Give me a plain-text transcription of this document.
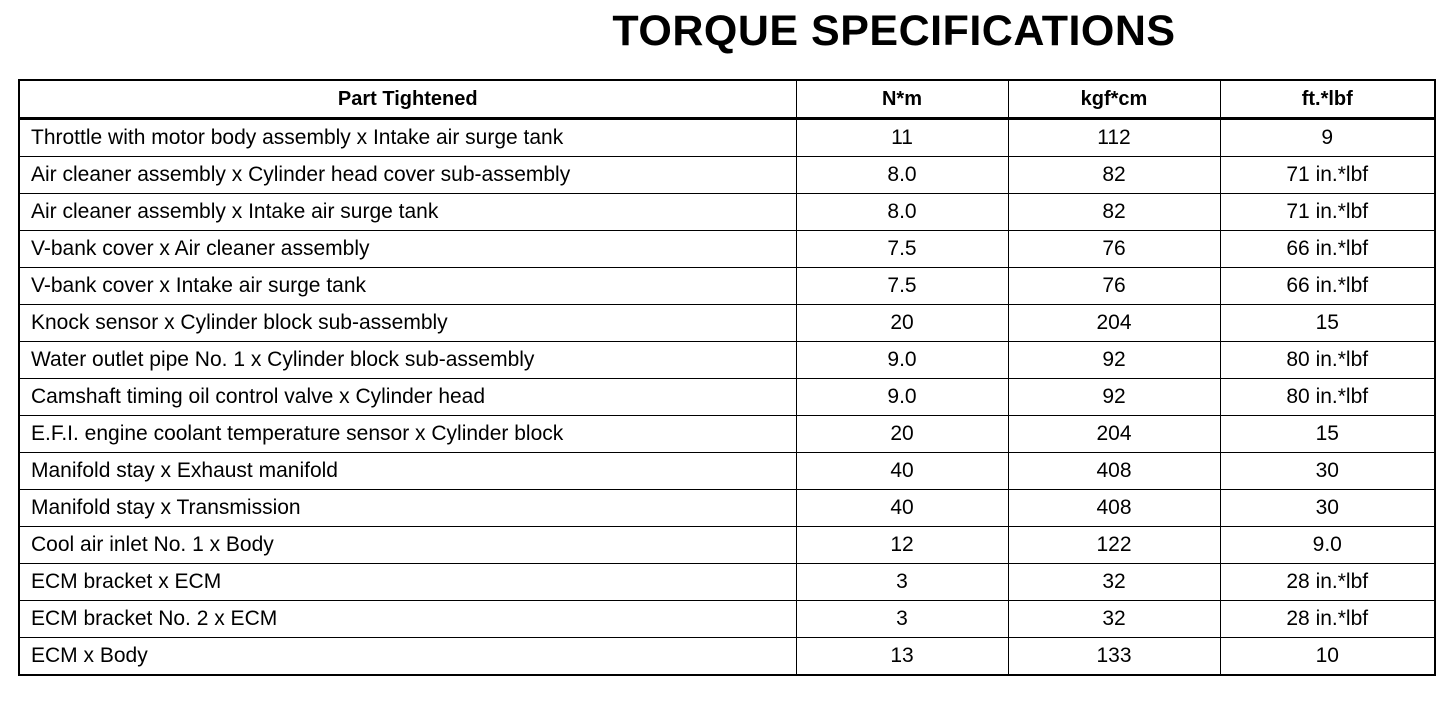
TORQUE SPECIFICATIONS
Part Tightened	N*m	kgf*cm	ft.*lbf
Throttle with motor body assembly x Intake air surge tank	11	112	9
Air cleaner assembly x Cylinder head cover sub-assembly	8.0	82	71 in.*lbf
Air cleaner assembly x Intake air surge tank	8.0	82	71 in.*lbf
V-bank cover x Air cleaner assembly	7.5	76	66 in.*lbf
V-bank cover x Intake air surge tank	7.5	76	66 in.*lbf
Knock sensor x Cylinder block sub-assembly	20	204	15
Water outlet pipe No. 1 x Cylinder block sub-assembly	9.0	92	80 in.*lbf
Camshaft timing oil control valve x Cylinder head	9.0	92	80 in.*lbf
E.F.I. engine coolant temperature sensor x Cylinder block	20	204	15
Manifold stay x Exhaust manifold	40	408	30
Manifold stay x Transmission	40	408	30
Cool air inlet No. 1 x Body	12	122	9.0
ECM bracket x ECM	3	32	28 in.*lbf
ECM bracket No. 2 x ECM	3	32	28 in.*lbf
ECM x Body	13	133	10
